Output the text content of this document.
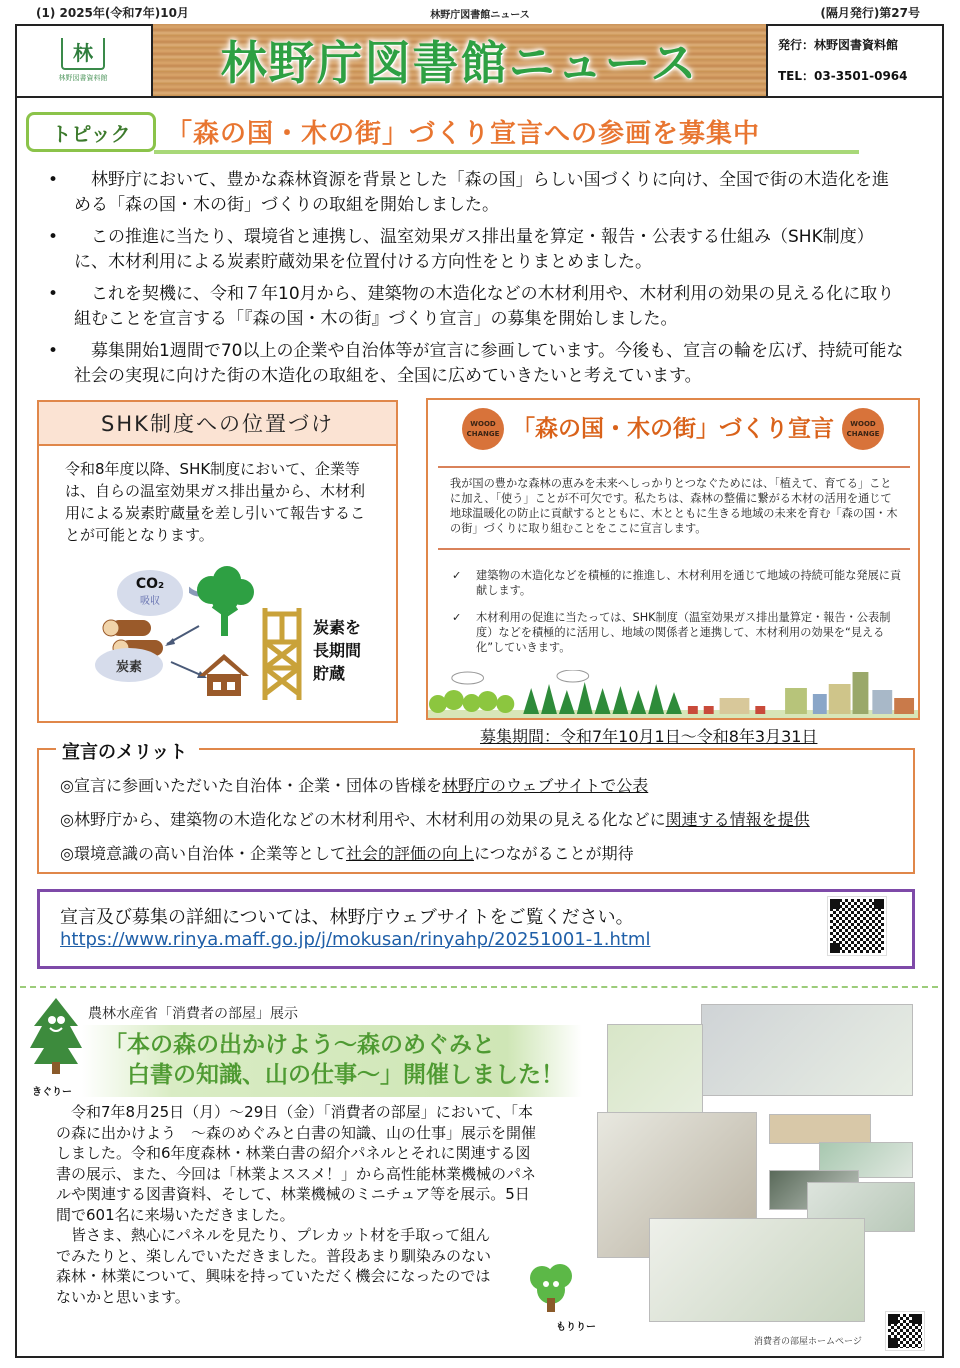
(1) 2025年(令和7年)10月	林野庁図書館ニュース	(隔月発行)第27号
林
林野図書資料館 林野庁図書館ニュース	発行：林野図書資料館
TEL：03-3501-0964
トピック	「森の国・木の街」づくり宣言への参画を募集中
• 林野庁において、豊かな森林資源を背景とした「森の国」らしい国づくりに向け、全国で街の木造化を進める「森の国・木の街」づくりの取組を開始しました。
• この推進に当たり、環境省と連携し、温室効果ガス排出量を算定・報告・公表する仕組み（SHK制度）に、木材利用による炭素貯蔵効果を位置付ける方向性をとりまとめました。
• これを契機に、令和７年10月から、建築物の木造化などの木材利用や、木材利用の効果の見える化に取り組むことを宣言する「『森の国・木の街』づくり宣言」の募集を開始しました。
• 募集開始1週間で70以上の企業や自治体等が宣言に参画しています。今後も、宣言の輪を広げ、持続可能な社会の実現に向けた街の木造化の取組を、全国に広めていきたいと考えています。
SHK制度への位置づけ
令和8年度以降、SHK制度において、企業等は、自らの温室効果ガス排出量から、木材利用による炭素貯蔵量を差し引いて報告することが可能となります。
CO₂
吸収
炭素
炭素を
長期間
貯蔵
WOOD
CHANGE 「森の国・木の街」づくり宣言	WOOD
CHANGE
我が国の豊かな森林の恵みを未来へしっかりとつなぐためには、「植えて、育てる」ことに加え、「使う」ことが不可欠です。私たちは、森林の整備に繋がる木材の活用を通じて地球温暖化の防止に貢献するとともに、木とともに生きる地域の未来を育む「森の国・木の街」づくりに取り組むことをここに宣言します。
✓ 建築物の木造化などを積極的に推進し、木材利用を通じて地域の持続可能な発展に貢献します。
✓ 木材利用の促進に当たっては、SHK制度（温室効果ガス排出量算定・報告・公表制度）などを積極的に活用し、地域の関係者と連携して、木材利用の効果を“見える化”していきます。
募集期間：令和7年10月1日～令和8年3月31日
宣言のメリット
◎宣言に参画いただいた自治体・企業・団体の皆様を林野庁のウェブサイトで公表
◎林野庁から、建築物の木造化などの木材利用や、木材利用の効果の見える化などに関連する情報を提供
◎環境意識の高い自治体・企業等として社会的評価の向上につながることが期待
宣言及び募集の詳細については、林野庁ウェブサイトをご覧ください。
https://www.rinya.maff.go.jp/j/mokusan/rinyahp/20251001-1.html
きぐりー
農林水産省「消費者の部屋」展示
「本の森の出かけよう～森のめぐみと
　白書の知識、山の仕事～」開催しました！

令和7年8月25日（月）～29日（金）「消費者の部屋」において、「本の森に出かけよう　～森のめぐみと白書の知識、山の仕事」展示を開催しました。令和6年度森林・林業白書の紹介パネルとそれに関連する図書の展示、また、今回は「林業よススメ！」から高性能林業機械のパネルや関連する図書資料、そして、林業機械のミニチュア等を展示。5日間で601名に来場いただきました。

皆さま、熱心にパネルを見たり、プレカット材を手取って組んでみたりと、楽しんでいただきました。普段あまり馴染みのない森林・林業について、興味を持っていただく機会になったのではないかと思います。

もりりー
消費者の部屋ホームページ
